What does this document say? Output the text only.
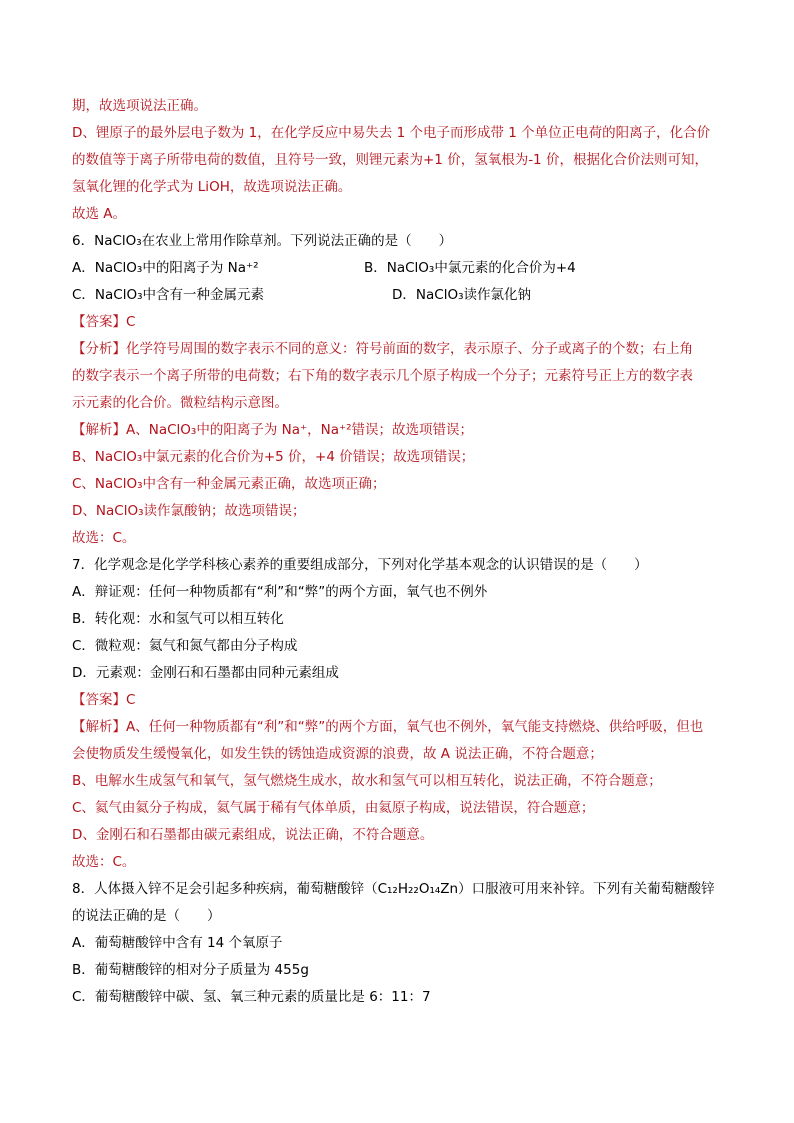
期，故选项说法正确。
D、锂原子的最外层电子数为 1，在化学反应中易失去 1 个电子而形成带 1 个单位正电荷的阳离子，化合价
的数值等于离子所带电荷的数值，且符号一致，则锂元素为+1 价，氢氧根为-1 价，根据化合价法则可知，
氢氧化锂的化学式为 LiOH，故选项说法正确。
故选 A。
6．NaClO₃在农业上常用作除草剂。下列说法正确的是（　　）
A．NaClO₃中的阳离子为 Na⁺²	B．NaClO₃中氯元素的化合价为+4
C．NaClO₃中含有一种金属元素	D．NaClO₃读作氯化钠
【答案】C
【分析】化学符号周围的数字表示不同的意义：符号前面的数字，表示原子、分子或离子的个数；右上角
的数字表示一个离子所带的电荷数；右下角的数字表示几个原子构成一个分子；元素符号正上方的数字表
示元素的化合价。微粒结构示意图。
【解析】A、NaClO₃中的阳离子为 Na⁺，Na⁺²错误；故选项错误；
B、NaClO₃中氯元素的化合价为+5 价，+4 价错误；故选项错误；
C、NaClO₃中含有一种金属元素正确，故选项正确；
D、NaClO₃读作氯酸钠；故选项错误；
故选：C。
7．化学观念是化学学科核心素养的重要组成部分，下列对化学基本观念的认识错误的是（　　）
A．辩证观：任何一种物质都有“利”和“弊”的两个方面，氧气也不例外
B．转化观：水和氢气可以相互转化
C．微粒观：氦气和氮气都由分子构成
D．元素观：金刚石和石墨都由同种元素组成
【答案】C
【解析】A、任何一种物质都有“利”和“弊”的两个方面，氧气也不例外，氧气能支持燃烧、供给呼吸，但也
会使物质发生缓慢氧化，如发生铁的锈蚀造成资源的浪费，故 A 说法正确，不符合题意；
B、电解水生成氢气和氧气，氢气燃烧生成水，故水和氢气可以相互转化，说法正确，不符合题意；
C、氦气由氦分子构成，氦气属于稀有气体单质，由氦原子构成，说法错误，符合题意；
D、金刚石和石墨都由碳元素组成，说法正确，不符合题意。
故选：C。
8．人体摄入锌不足会引起多种疾病，葡萄糖酸锌（C₁₂H₂₂O₁₄Zn）口服液可用来补锌。下列有关葡萄糖酸锌
的说法正确的是（　　）
A．葡萄糖酸锌中含有 14 个氧原子
B．葡萄糖酸锌的相对分子质量为 455g
C．葡萄糖酸锌中碳、氢、氧三种元素的质量比是 6：11：7
